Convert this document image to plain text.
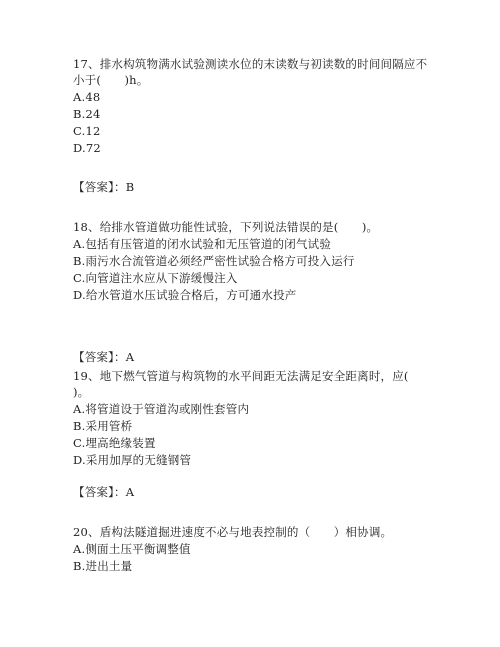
17、排水构筑物满水试验测读水位的末读数与初读数的时间间隔应不
小于(　　)h。

A.48

B.24

C.12

D.72

【答案】：B

18、给排水管道做功能性试验，下列说法错误的是(　　)。

A.包括有压管道的闭水试验和无压管道的闭气试验

B.雨污水合流管道必须经严密性试验合格方可投入运行

C.向管道注水应从下游缓慢注入

D.给水管道水压试验合格后，方可通水投产

【答案】：A

19、地下燃气管道与构筑物的水平间距无法满足安全距离时，应(
)。

A.将管道设于管道沟或刚性套管内

B.采用管桥

C.埋高绝缘装置

D.采用加厚的无缝钢管

【答案】：A

20、盾构法隧道掘进速度不必与地表控制的（　　）相协调。

A.侧面土压平衡调整值

B.进出土量
